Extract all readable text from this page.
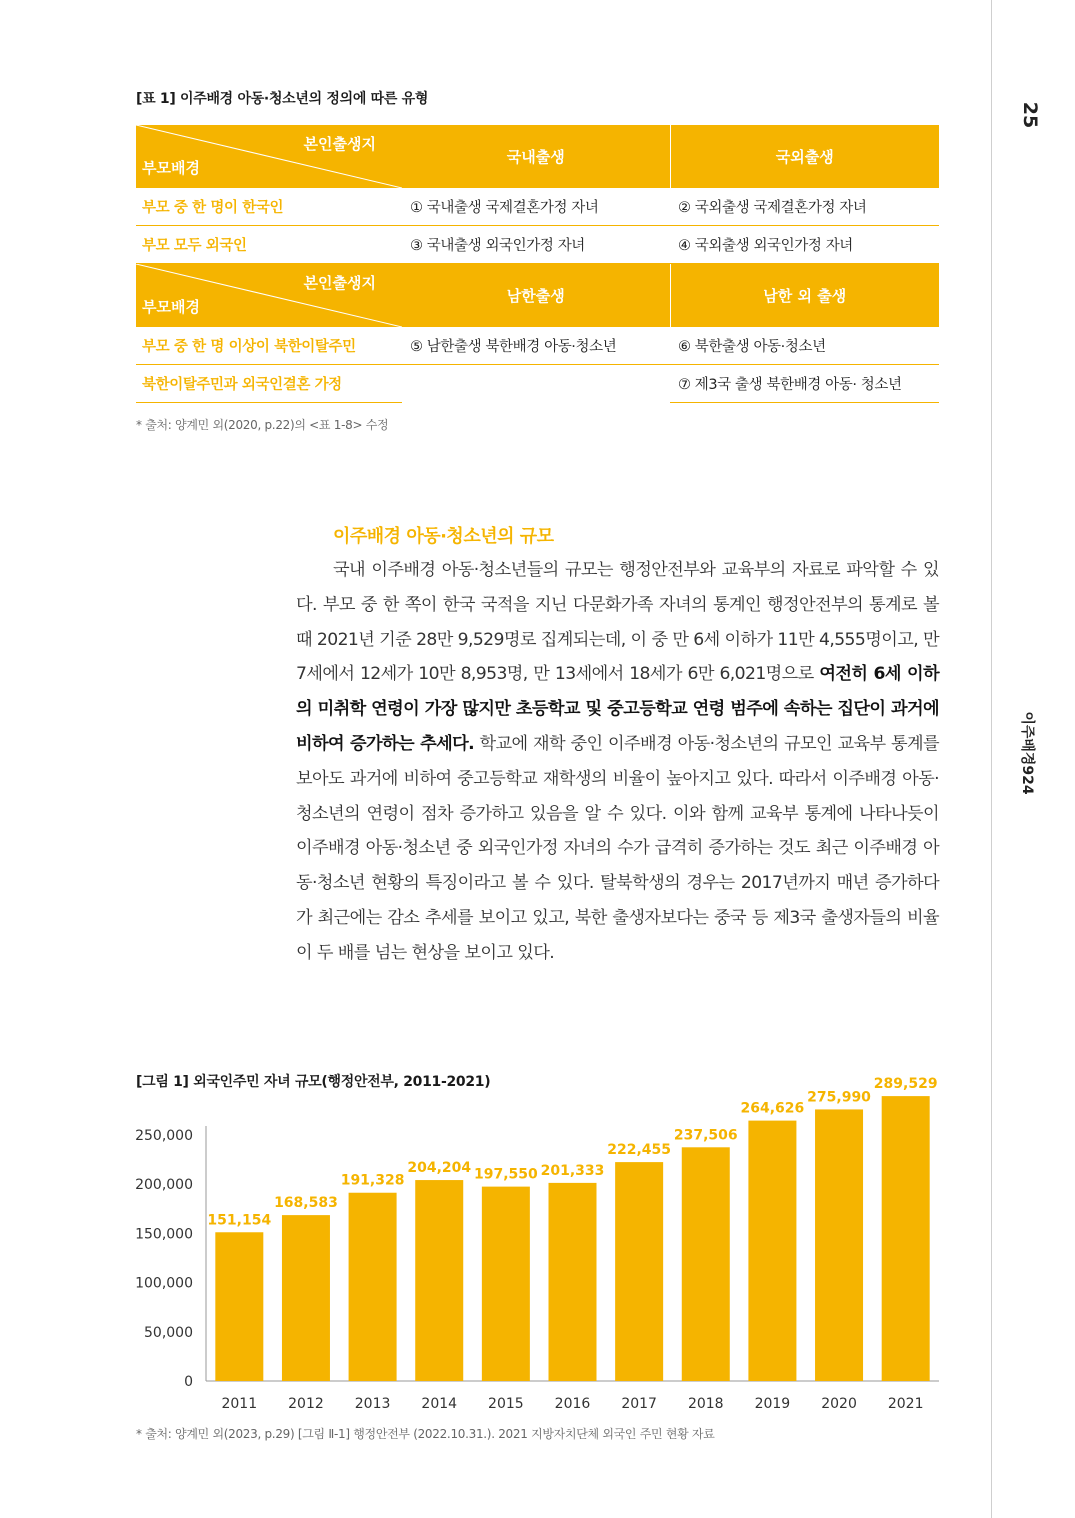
25
이주배경924
[표 1] 이주배경 아동·청소년의 정의에 따른 유형
본인출생지
부모배경	국내출생	국외출생
부모 중 한 명이 한국인	① 국내출생 국제결혼가정 자녀	② 국외출생 국제결혼가정 자녀
부모 모두 외국인	③ 국내출생 외국인가정 자녀	④ 국외출생 외국인가정 자녀

본인출생지
부모배경	남한출생	남한 외 출생
부모 중 한 명 이상이 북한이탈주민	⑤ 남한출생 북한배경 아동·청소년	⑥ 북한출생 아동·청소년
북한이탈주민과 외국인결혼 가정		⑦ 제3국 출생 북한배경 아동· 청소년
* 출처: 양계민 외(2020, p.22)의 <표 1-8> 수정
이주배경 아동·청소년의 규모

국내 이주배경 아동·청소년들의 규모는 행정안전부와 교육부의 자료로 파악할 수 있다. 부모 중 한 쪽이 한국 국적을 지닌 다문화가족 자녀의 통계인 행정안전부의 통계로 볼 때 2021년 기준 28만 9,529명로 집계되는데, 이 중 만 6세 이하가 11만 4,555명이고, 만 7세에서 12세가 10만 8,953명, 만 13세에서 18세가 6만 6,021명으로 여전히 6세 이하의 미취학 연령이 가장 많지만 초등학교 및 중고등학교 연령 범주에 속하는 집단이 과거에 비하여 증가하는 추세다. 학교에 재학 중인 이주배경 아동·청소년의 규모인 교육부 통계를 보아도 과거에 비하여 중고등학교 재학생의 비율이 높아지고 있다. 따라서 이주배경 아동·청소년의 연령이 점차 증가하고 있음을 알 수 있다. 이와 함께 교육부 통계에 나타나듯이 이주배경 아동·청소년 중 외국인가정 자녀의 수가 급격히 증가하는 것도 최근 이주배경 아동·청소년 현황의 특징이라고 볼 수 있다. 탈북학생의 경우는 2017년까지 매년 증가하다가 최근에는 감소 추세를 보이고 있고, 북한 출생자보다는 중국 등 제3국 출생자들의 비율이 두 배를 넘는 현상을 보이고 있다.

[그림 1] 외국인주민 자녀 규모(행정안전부, 2011-2021)
0
50,000
100,000
150,000
200,000
250,000
151,154
2011
168,583
2012
191,328
2013
204,204
2014
197,550
2015
201,333
2016
222,455
2017
237,506
2018
264,626
2019
275,990
2020
289,529
2021
* 출처: 양계민 외(2023, p.29) [그림 Ⅱ-1] 행정안전부 (2022.10.31.). 2021 지방자치단체 외국인 주민 현황 자료
